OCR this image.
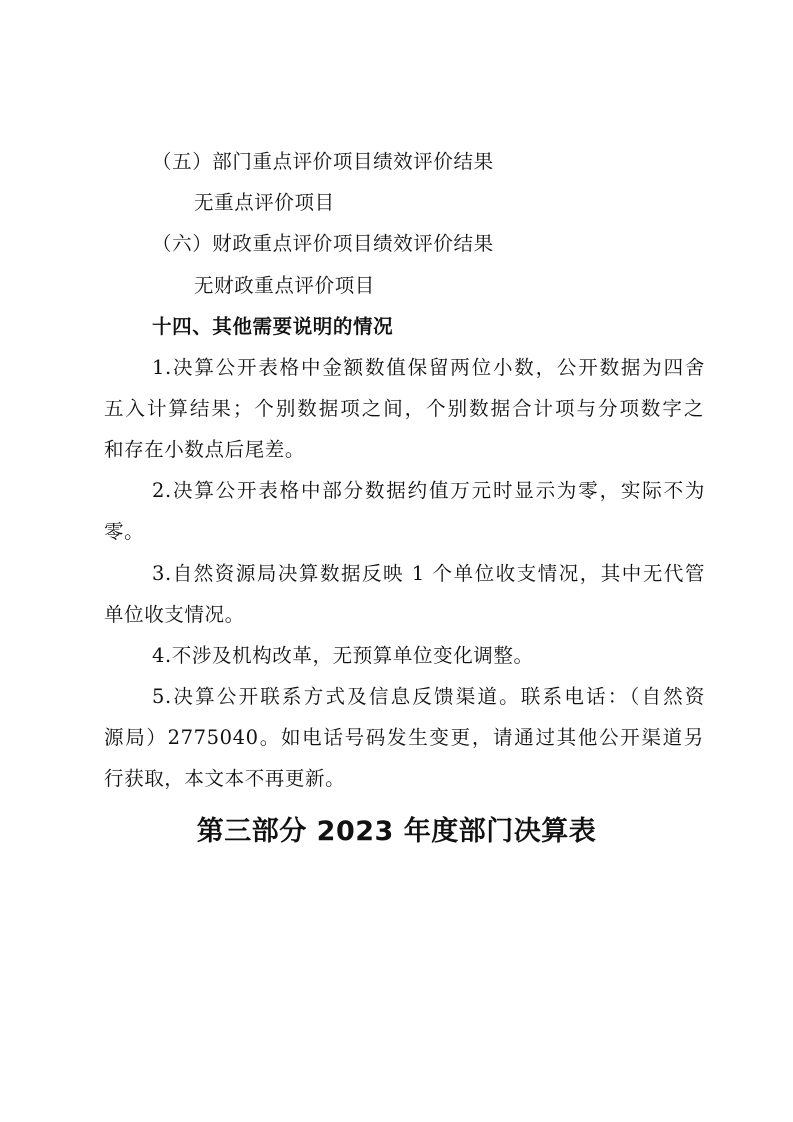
（五）部门重点评价项目绩效评价结果
无重点评价项目
（六）财政重点评价项目绩效评价结果
无财政重点评价项目
十四、其他需要说明的情况
1.决算公开表格中金额数值保留两位小数，公开数据为四舍
五入计算结果；个别数据项之间，个别数据合计项与分项数字之
和存在小数点后尾差。
2.决算公开表格中部分数据约值万元时显示为零，实际不为
零。
3.自然资源局决算数据反映 1 个单位收支情况，其中无代管
单位收支情况。
4.不涉及机构改革，无预算单位变化调整。
5.决算公开联系方式及信息反馈渠道。联系电话：（自然资
源局）2775040。如电话号码发生变更，请通过其他公开渠道另
行获取，本文本不再更新。
第三部分 2023 年度部门决算表
